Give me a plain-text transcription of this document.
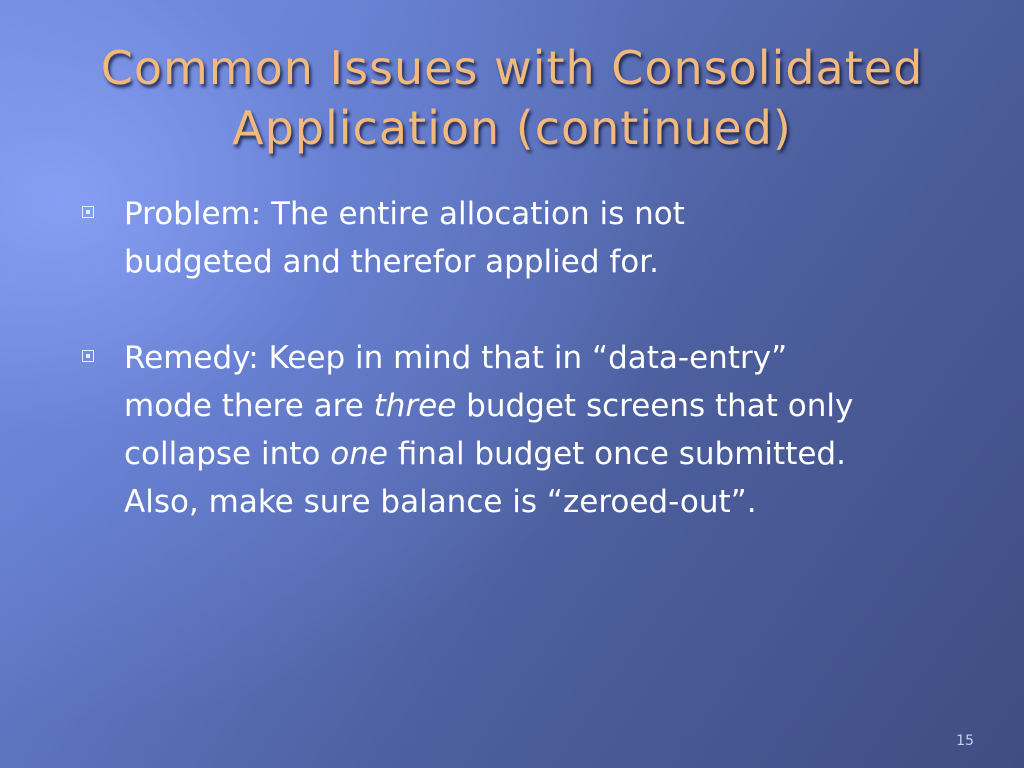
Common Issues with Consolidated
Application (continued)
Problem: The entire allocation is not
budgeted and therefor applied for.
Remedy: Keep in mind that in “data-entry”
mode there are three budget screens that only
collapse into one final budget once submitted.
Also, make sure balance is “zeroed-out”.
15
